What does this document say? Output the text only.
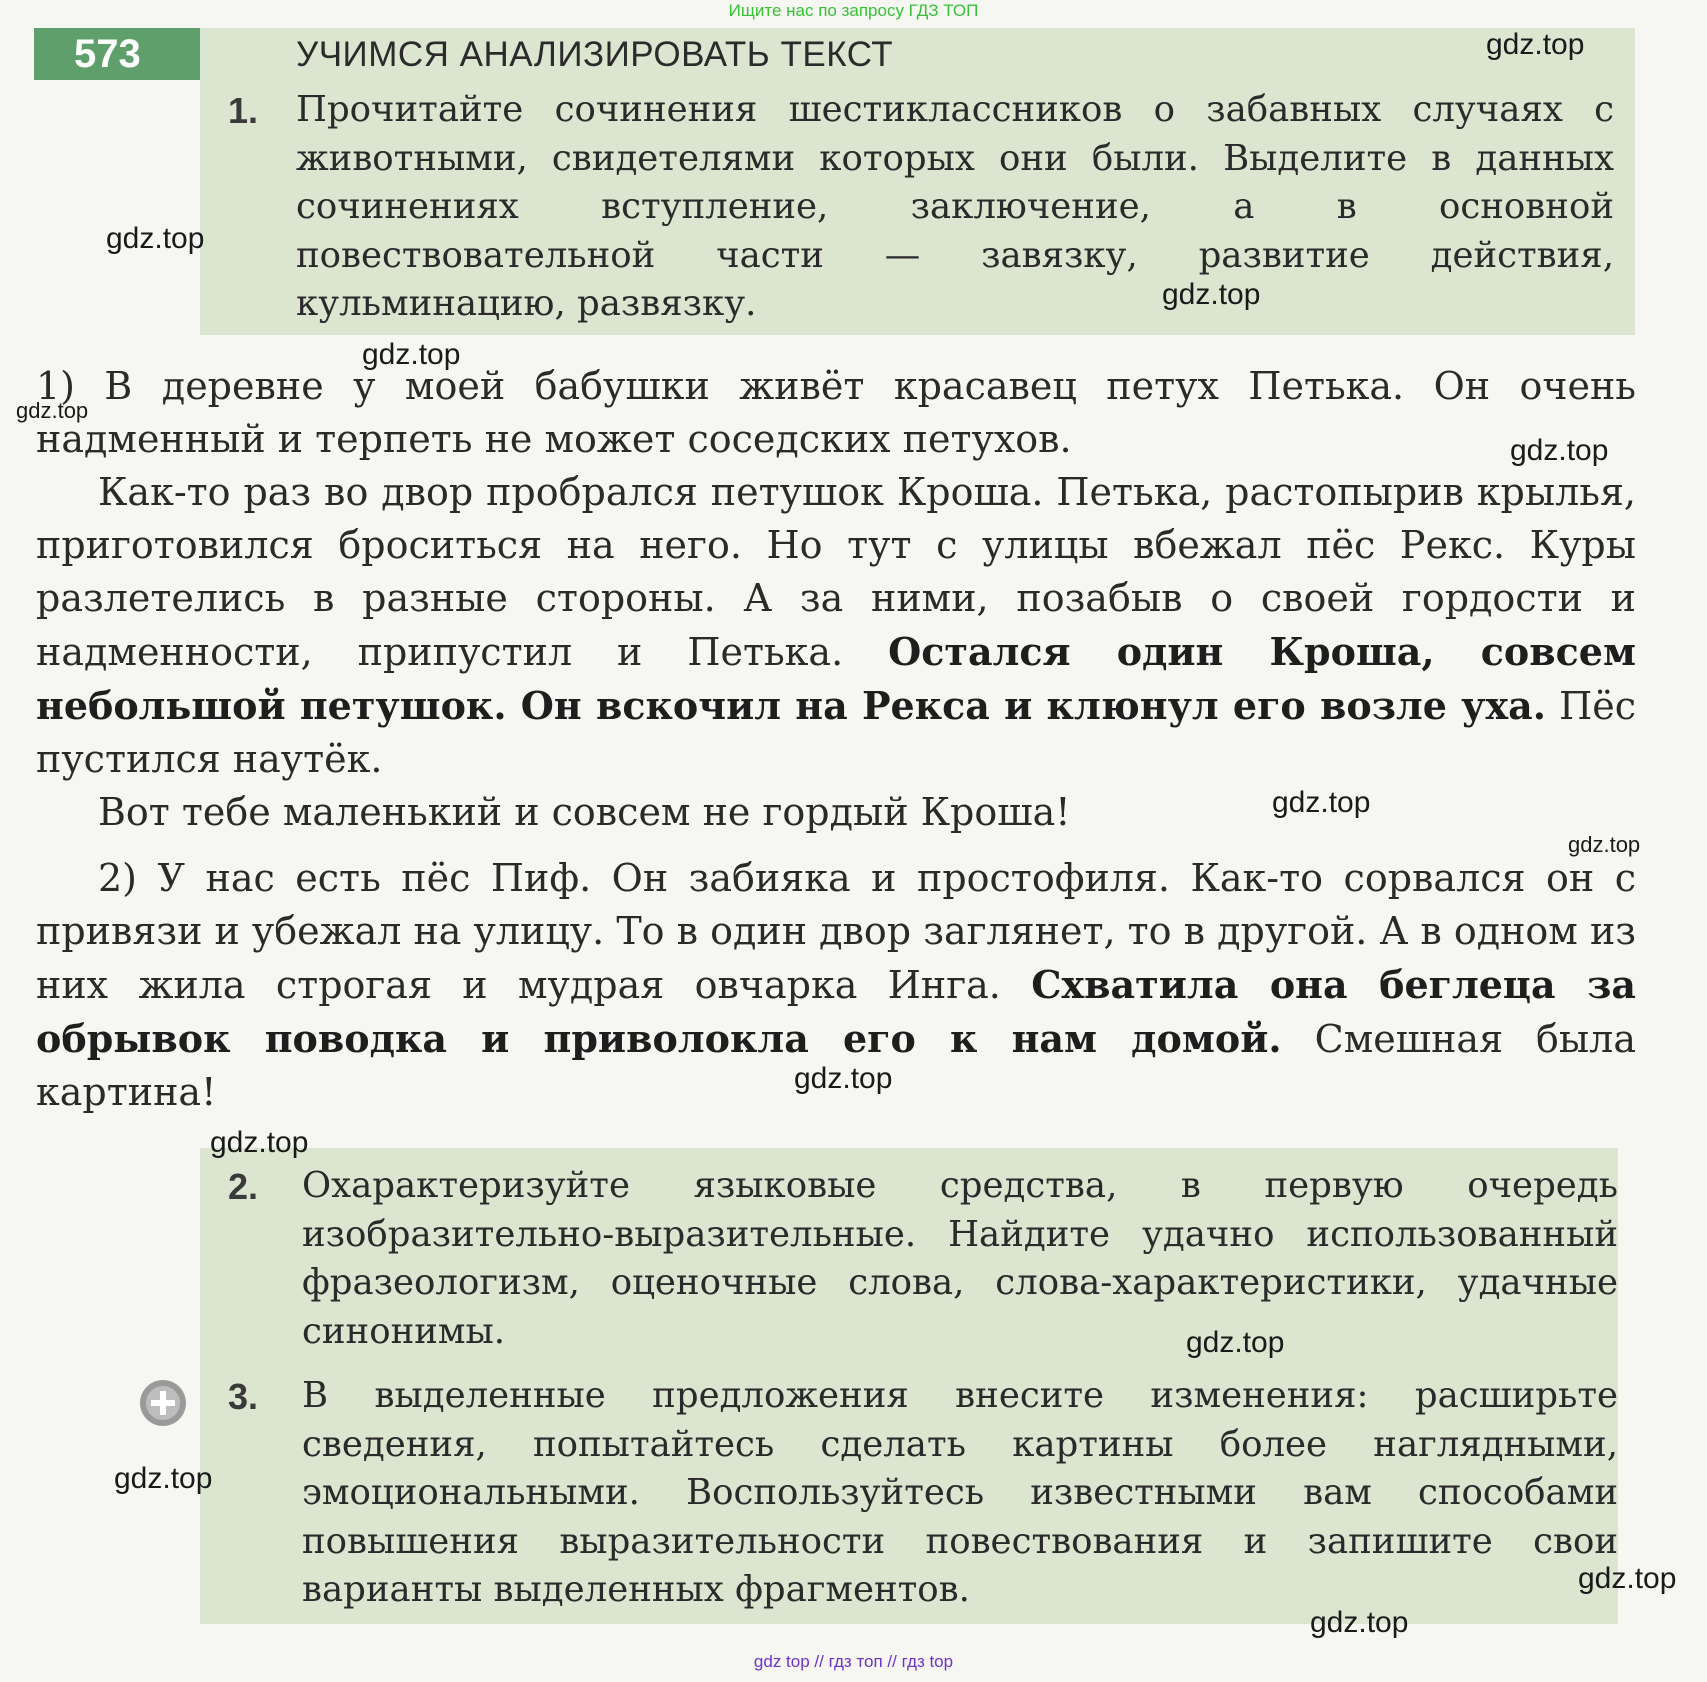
Ищите нас по запросу ГДЗ ТОП
573	УЧИМСЯ АНАЛИЗИРОВАТЬ ТЕКСТ
1. Прочитайте сочинения шестиклассников о забавных случаях с животными, свидетелями которых они были. Выделите в данных сочинениях вступление, заключение, а в основной повествовательной части — завязку, развитие действия, кульминацию, развязку.

1) В деревне у моей бабушки живёт красавец петух Петька. Он очень надменный и терпеть не может соседских петухов.

Как-то раз во двор пробрался петушок Кроша. Петька, растопырив крылья, приготовился броситься на него. Но тут с улицы вбежал пёс Рекс. Куры разлетелись в разные стороны. А за ними, позабыв о своей гордости и надменности, припустил и Петька. Остался один Кроша, совсем небольшой петушок. Он вскочил на Рекса и клюнул его возле уха. Пёс пустился наутёк.

Вот тебе маленький и совсем не гордый Кроша!

2) У нас есть пёс Пиф. Он забияка и простофиля. Как-то сорвался он с привязи и убежал на улицу. То в один двор заглянет, то в другой. А в одном из них жила строгая и мудрая овчарка Инга. Схватила она беглеца за обрывок поводка и приволокла его к нам домой. Смешная была картина!

2. Охарактеризуйте языковые средства, в первую очередь изобразительно-выразительные. Найдите удачно использованный фразеологизм, оценочные слова, слова-характеристики, удачные синонимы.
3. В выделенные предложения внесите изменения: расширьте сведения, попытайтесь сделать картины более наглядными, эмоциональными. Воспользуйтесь известными вам способами повышения выразительности повествования и запишите свои варианты выделенных фрагментов.
gdz.top
gdz.top
gdz.top
gdz.top
gdz.top
gdz.top
gdz.top
gdz.top
gdz.top
gdz.top
gdz.top
gdz.top
gdz.top
gdz.top
gdz top // гдз топ // гдз top
